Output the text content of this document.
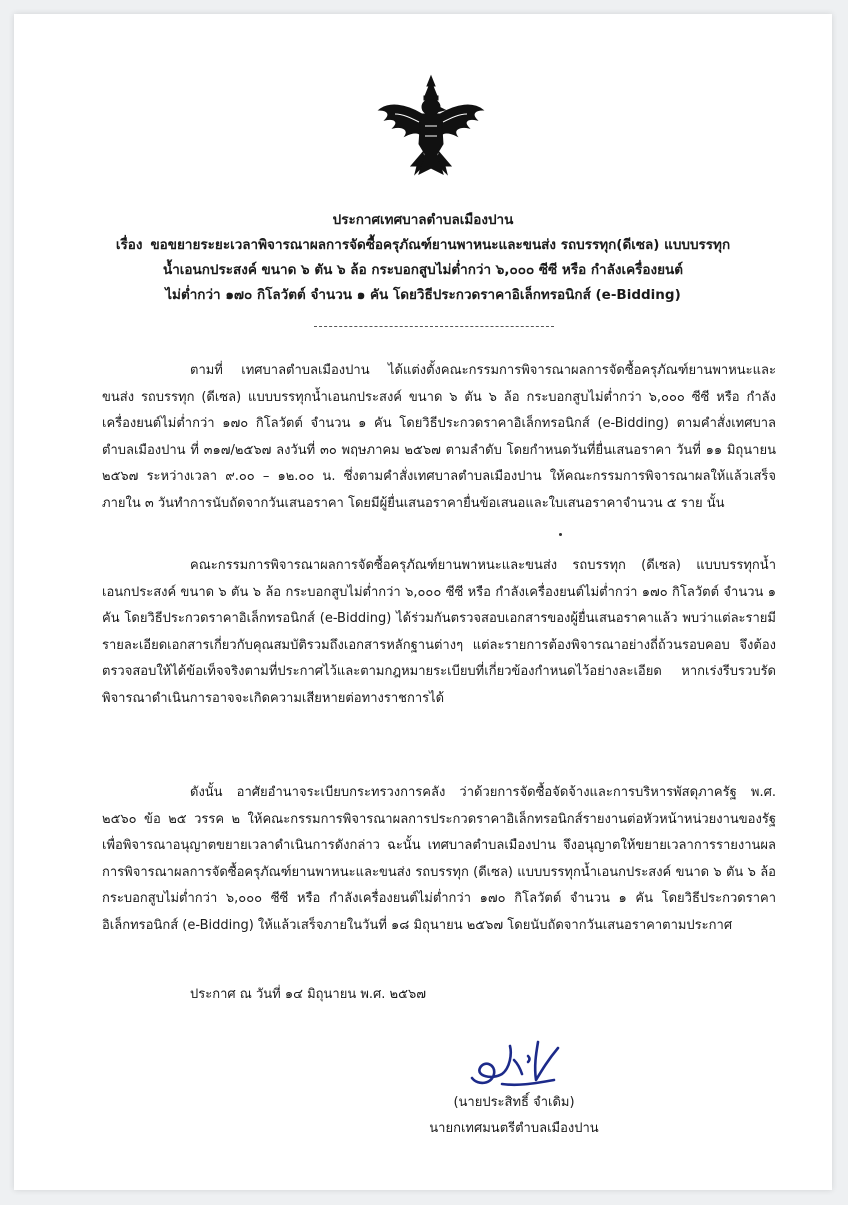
ประกาศเทศบาลตำบลเมืองปาน
เรื่อง ขอขยายระยะเวลาพิจารณาผลการจัดซื้อครุภัณฑ์ยานพาหนะและขนส่ง รถบรรทุก(ดีเซล) แบบบรรทุก
น้ำเอนกประสงค์ ขนาด ๖ ตัน ๖ ล้อ กระบอกสูบไม่ต่ำกว่า ๖,๐๐๐ ซีซี หรือ กำลังเครื่องยนต์
ไม่ต่ำกว่า ๑๗๐ กิโลวัตต์ จำนวน ๑ คัน โดยวิธีประกวดราคาอิเล็กทรอนิกส์ (e-Bidding)
ตามที่ เทศบาลตำบลเมืองปาน ได้แต่งตั้งคณะกรรมการพิจารณาผลการจัดซื้อครุภัณฑ์ยานพาหนะและขนส่ง รถบรรทุก (ดีเซล) แบบบรรทุกน้ำเอนกประสงค์ ขนาด ๖ ตัน ๖ ล้อ กระบอกสูบไม่ต่ำกว่า ๖,๐๐๐ ซีซี หรือ กำลังเครื่องยนต์ไม่ต่ำกว่า ๑๗๐ กิโลวัตต์ จำนวน ๑ คัน โดยวิธีประกวดราคาอิเล็กทรอนิกส์ (e-Bidding) ตามคำสั่งเทศบาลตำบลเมืองปาน ที่ ๓๑๗/๒๕๖๗ ลงวันที่ ๓๐ พฤษภาคม ๒๕๖๗ ตามลำดับ โดยกำหนดวันที่ยื่นเสนอราคา วันที่ ๑๑ มิถุนายน ๒๕๖๗ ระหว่างเวลา ๙.๐๐ – ๑๒.๐๐ น. ซึ่งตามคำสั่งเทศบาลตำบลเมืองปาน ให้คณะกรรมการพิจารณาผลให้แล้วเสร็จภายใน ๓ วันทำการนับถัดจากวันเสนอราคา โดยมีผู้ยื่นเสนอราคายื่นข้อเสนอและใบเสนอราคาจำนวน ๕ ราย นั้น
คณะกรรมการพิจารณาผลการจัดซื้อครุภัณฑ์ยานพาหนะและขนส่ง รถบรรทุก (ดีเซล) แบบบรรทุกน้ำเอนกประสงค์ ขนาด ๖ ตัน ๖ ล้อ กระบอกสูบไม่ต่ำกว่า ๖,๐๐๐ ซีซี หรือ กำลังเครื่องยนต์ไม่ต่ำกว่า ๑๗๐ กิโลวัตต์ จำนวน ๑ คัน โดยวิธีประกวดราคาอิเล็กทรอนิกส์ (e-Bidding) ได้ร่วมกันตรวจสอบเอกสารของผู้ยื่นเสนอราคาแล้ว พบว่าแต่ละรายมีรายละเอียดเอกสารเกี่ยวกับคุณสมบัติรวมถึงเอกสารหลักฐานต่างๆ แต่ละรายการต้องพิจารณาอย่างถี่ถ้วนรอบคอบ จึงต้องตรวจสอบให้ได้ข้อเท็จจริงตามที่ประกาศไว้และตามกฎหมายระเบียบที่เกี่ยวข้องกำหนดไว้อย่างละเอียด หากเร่งรีบรวบรัดพิจารณาดำเนินการอาจจะเกิดความเสียหายต่อทางราชการได้
ดังนั้น อาศัยอำนาจระเบียบกระทรวงการคลัง ว่าด้วยการจัดซื้อจัดจ้างและการบริหารพัสดุภาครัฐ พ.ศ. ๒๕๖๐ ข้อ ๒๕ วรรค ๒ ให้คณะกรรมการพิจารณาผลการประกวดราคาอิเล็กทรอนิกส์รายงานต่อหัวหน้าหน่วยงานของรัฐเพื่อพิจารณาอนุญาตขยายเวลาดำเนินการดังกล่าว ฉะนั้น เทศบาลตำบลเมืองปาน จึงอนุญาตให้ขยายเวลาการรายงานผลการพิจารณาผลการจัดซื้อครุภัณฑ์ยานพาหนะและขนส่ง รถบรรทุก (ดีเซล) แบบบรรทุกน้ำเอนกประสงค์ ขนาด ๖ ตัน ๖ ล้อ กระบอกสูบไม่ต่ำกว่า ๖,๐๐๐ ซีซี หรือ กำลังเครื่องยนต์ไม่ต่ำกว่า ๑๗๐ กิโลวัตต์ จำนวน ๑ คัน โดยวิธีประกวดราคาอิเล็กทรอนิกส์ (e-Bidding) ให้แล้วเสร็จภายในวันที่ ๑๘ มิถุนายน ๒๕๖๗ โดยนับถัดจากวันเสนอราคาตามประกาศ
ประกาศ ณ วันที่ ๑๔ มิถุนายน พ.ศ. ๒๕๖๗
(นายประสิทธิ์ จำเดิม)
นายกเทศมนตรีตำบลเมืองปาน
